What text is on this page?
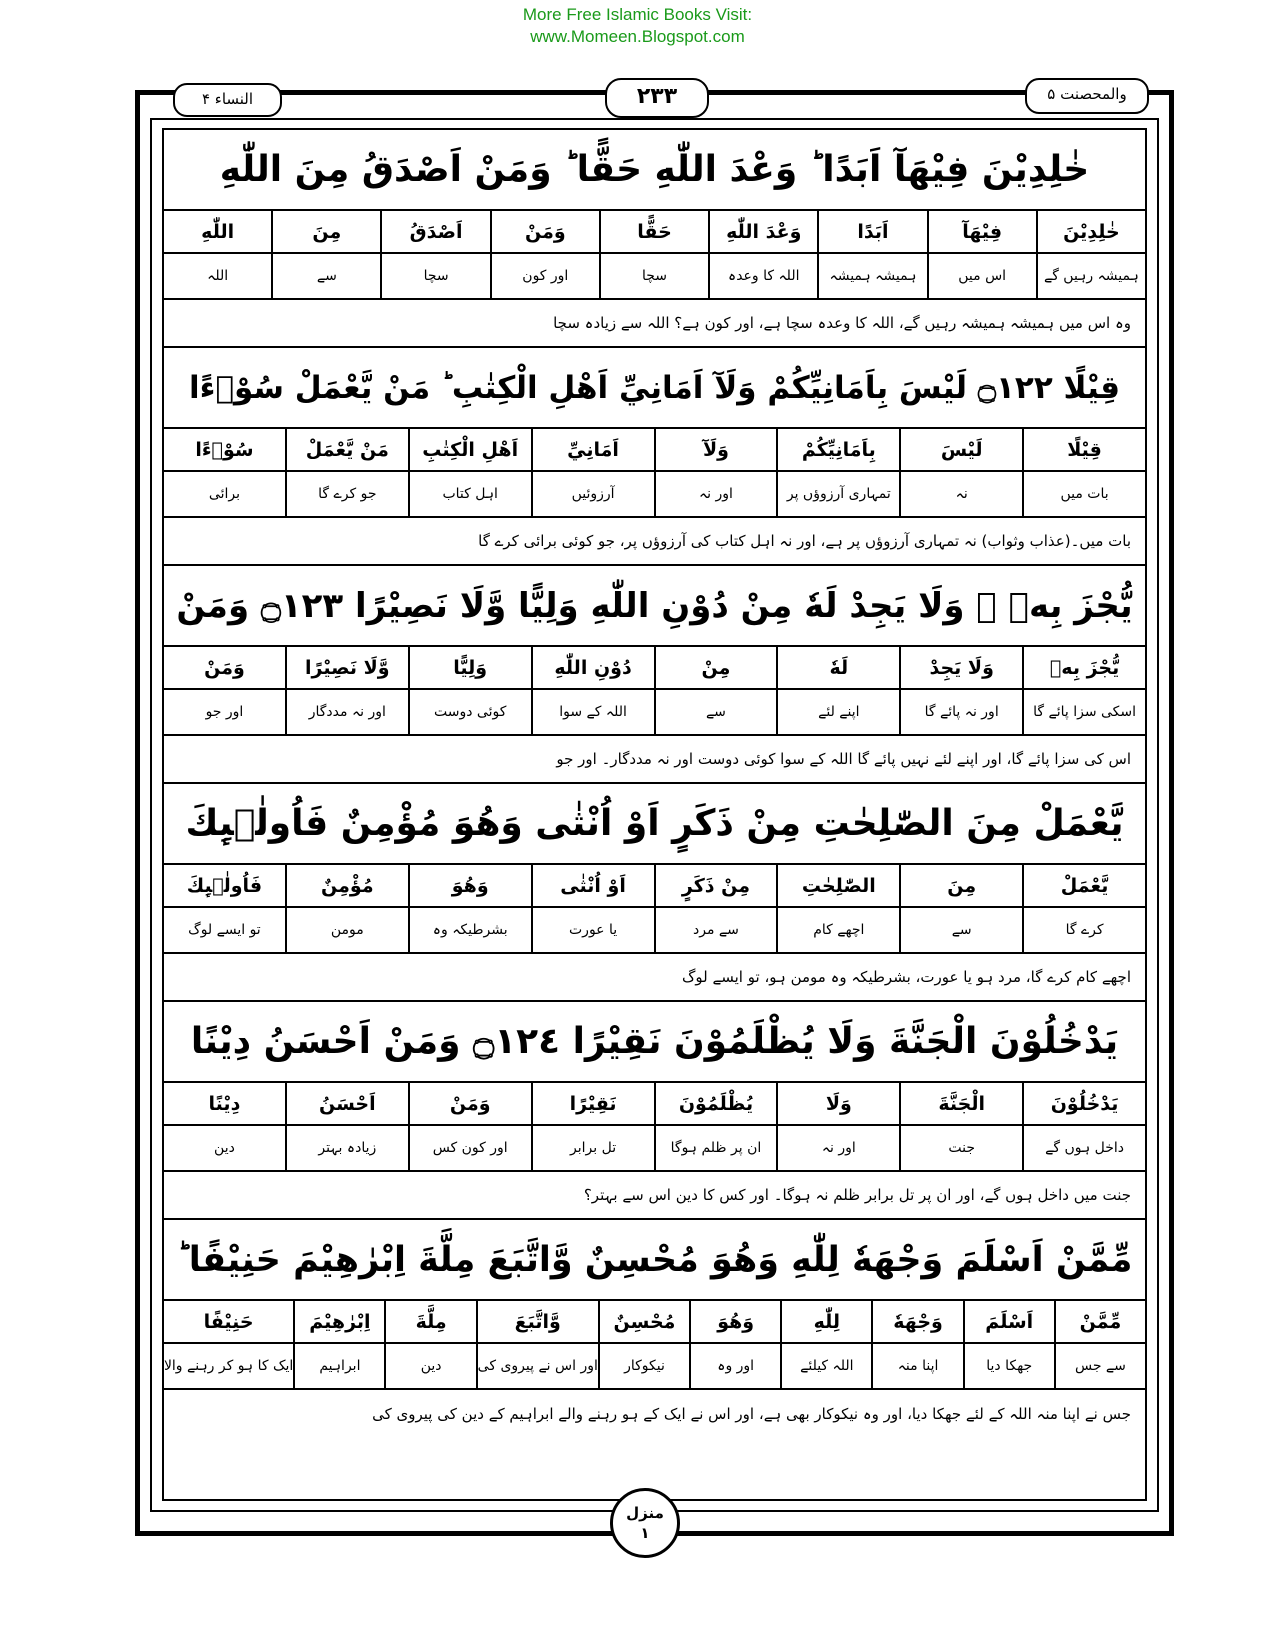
More Free Islamic Books Visit:
www.Momeen.Blogspot.com
النساء ۴	۲۳۳	والمحصنت ۵
خٰلِدِيْنَ فِيْهَآ اَبَدًا ؕ وَعْدَ اللّٰهِ حَقًّا ؕ وَمَنْ اَصْدَقُ مِنَ اللّٰهِ
خٰلِدِيْنَ
ہمیشہ رہیں گے
فِيْهَآ
اس میں
اَبَدًا
ہمیشہ ہمیشہ
وَعْدَ اللّٰهِ
اللہ کا وعدہ
حَقًّا
سچا
وَمَنْ
اور کون
اَصْدَقُ
سچا
مِنَ
سے
اللّٰهِ
اللہ
وہ اس میں ہمیشہ ہمیشہ رہیں گے، اللہ کا وعدہ سچا ہے، اور کون ہے؟ اللہ سے زیادہ سچا
قِيْلًا ۝١٢٢ لَيْسَ بِاَمَانِيِّكُمْ وَلَآ اَمَانِيِّ اَهْلِ الْكِتٰبِ ؕ مَنْ يَّعْمَلْ سُوْۗءًا
قِيْلًا
بات میں
لَيْسَ
نہ
بِاَمَانِيِّكُمْ
تمہاری آرزوؤں پر
وَلَآ
اور نہ
اَمَانِيِّ
آرزوئیں
اَهْلِ الْكِتٰبِ
اہل کتاب
مَنْ يَّعْمَلْ
جو کرے گا
سُوْۗءًا
برائی
بات میں۔(عذاب وثواب) نہ تمہاری آرزوؤں پر ہے، اور نہ اہل کتاب کی آرزوؤں پر، جو کوئی برائی کرے گا
يُّجْزَ بِهٖ ۙ وَلَا يَجِدْ لَهٗ مِنْ دُوْنِ اللّٰهِ وَلِيًّا وَّلَا نَصِيْرًا ۝١٢٣ وَمَنْ
يُّجْزَ بِهٖ
اسکی سزا پائے گا
وَلَا يَجِدْ
اور نہ پائے گا
لَهٗ
اپنے لئے
مِنْ
سے
دُوْنِ اللّٰهِ
اللہ کے سوا
وَلِيًّا
کوئی دوست
وَّلَا نَصِيْرًا
اور نہ مددگار
وَمَنْ
اور جو
اس کی سزا پائے گا، اور اپنے لئے نہیں پائے گا اللہ کے سوا کوئی دوست اور نہ مددگار۔ اور جو
يَّعْمَلْ مِنَ الصّٰلِحٰتِ مِنْ ذَكَرٍ اَوْ اُنْثٰى وَهُوَ مُؤْمِنٌ فَاُولٰۗىِٕكَ
يَّعْمَلْ
کرے گا
مِنَ
سے
الصّٰلِحٰتِ
اچھے کام
مِنْ ذَكَرٍ
سے مرد
اَوْ اُنْثٰى
یا عورت
وَهُوَ
بشرطیکہ وہ
مُؤْمِنٌ
مومن
فَاُولٰۗىِٕكَ
تو ایسے لوگ
اچھے کام کرے گا، مرد ہو یا عورت، بشرطیکہ وہ مومن ہو، تو ایسے لوگ
يَدْخُلُوْنَ الْجَنَّةَ وَلَا يُظْلَمُوْنَ نَقِيْرًا ۝١٢٤ وَمَنْ اَحْسَنُ دِيْنًا
يَدْخُلُوْنَ
داخل ہوں گے
الْجَنَّةَ
جنت
وَلَا
اور نہ
يُظْلَمُوْنَ
ان پر ظلم ہوگا
نَقِيْرًا
تل برابر
وَمَنْ
اور کون کس
اَحْسَنُ
زیادہ بہتر
دِيْنًا
دین
جنت میں داخل ہوں گے، اور ان پر تل برابر ظلم نہ ہوگا۔ اور کس کا دین اس سے بہتر؟
مِّمَّنْ اَسْلَمَ وَجْهَهٗ لِلّٰهِ وَهُوَ مُحْسِنٌ وَّاتَّبَعَ مِلَّةَ اِبْرٰهِيْمَ حَنِيْفًا ؕ
مِّمَّنْ
سے جس
اَسْلَمَ
جھکا دیا
وَجْهَهٗ
اپنا منہ
لِلّٰهِ
اللہ کیلئے
وَهُوَ
اور وہ
مُحْسِنٌ
نیکوکار
وَّاتَّبَعَ
اور اس نے پیروی کی
مِلَّةَ
دین
اِبْرٰهِيْمَ
ابراہیم
حَنِيْفًا
ایک کا ہو کر رہنے والا
جس نے اپنا منہ اللہ کے لئے جھکا دیا، اور وہ نیکوکار بھی ہے، اور اس نے ایک کے ہو رہنے والے ابراہیم کے دین کی پیروی کی
منزل
۱
